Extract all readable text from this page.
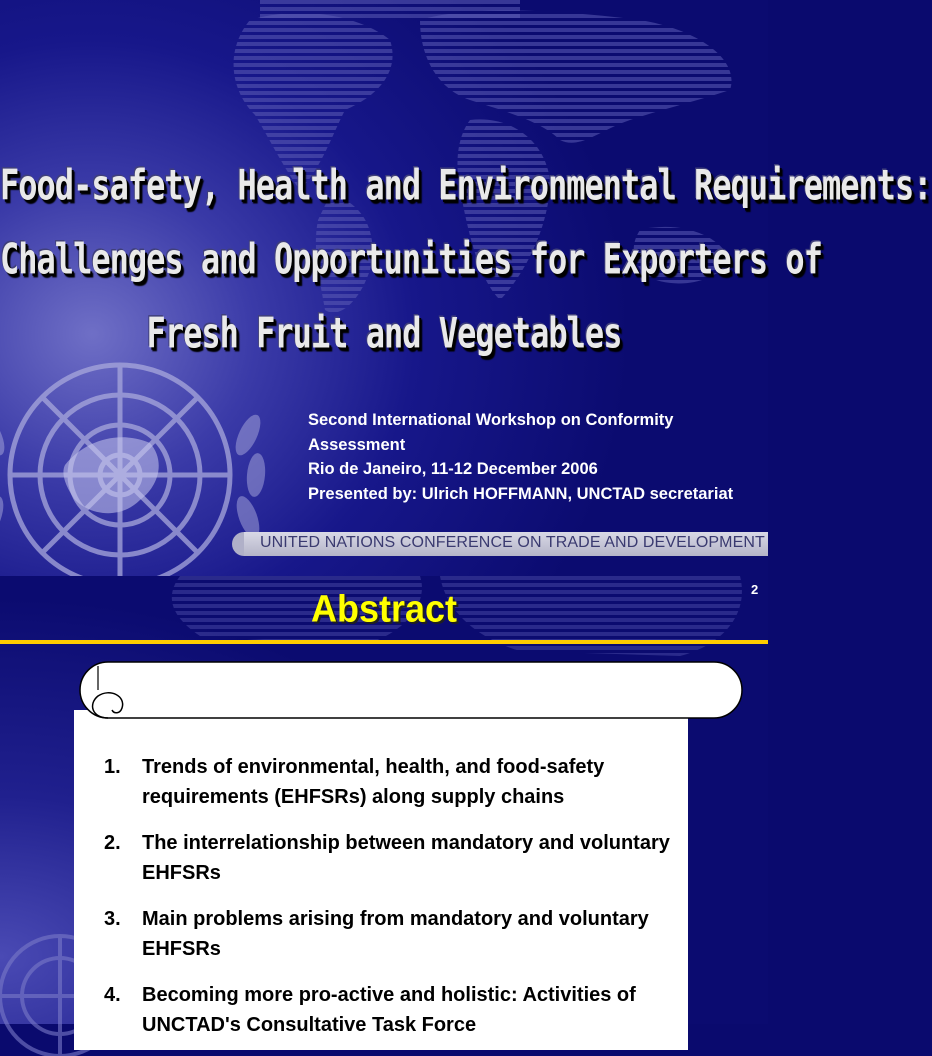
Food-safety, Health and Environmental Requirements:
Challenges and Opportunities for Exporters of
Fresh Fruit and Vegetables
Second International Workshop on Conformity
Assessment
Rio de Janeiro, 11-12 December 2006
Presented by: Ulrich HOFFMANN, UNCTAD secretariat
UNITED NATIONS CONFERENCE ON TRADE AND DEVELOPMENT
2
Abstract
1. Trends of environmental, health, and food-safety requirements (EHFSRs) along supply chains
2. The interrelationship between mandatory and voluntary EHFSRs
3. Main problems arising from mandatory and voluntary EHFSRs
4. Becoming more pro-active and holistic: Activities of UNCTAD's Consultative Task Force
